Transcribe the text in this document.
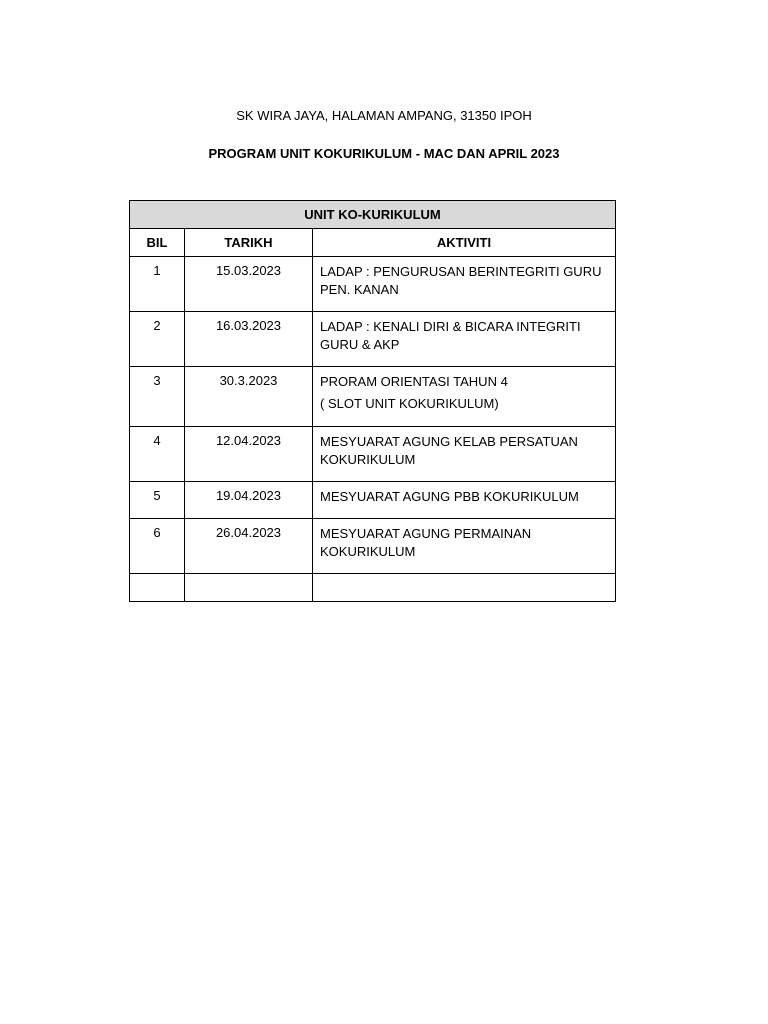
SK WIRA JAYA, HALAMAN AMPANG, 31350 IPOH
PROGRAM UNIT KOKURIKULUM - MAC DAN APRIL 2023
UNIT KO-KURIKULUM		
BIL	TARIKH	AKTIVITI
1	15.03.2023	LADAP : PENGURUSAN BERINTEGRITI GURU PEN. KANAN
2	16.03.2023	LADAP : KENALI DIRI & BICARA INTEGRITI GURU & AKP
3	30.3.2023	PRORAM ORIENTASI TAHUN 4
( SLOT UNIT KOKURIKULUM)

4	12.04.2023	MESYUARAT AGUNG KELAB PERSATUAN KOKURIKULUM
5	19.04.2023	MESYUARAT AGUNG PBB KOKURIKULUM
6	26.04.2023	MESYUARAT AGUNG PERMAINAN KOKURIKULUM
